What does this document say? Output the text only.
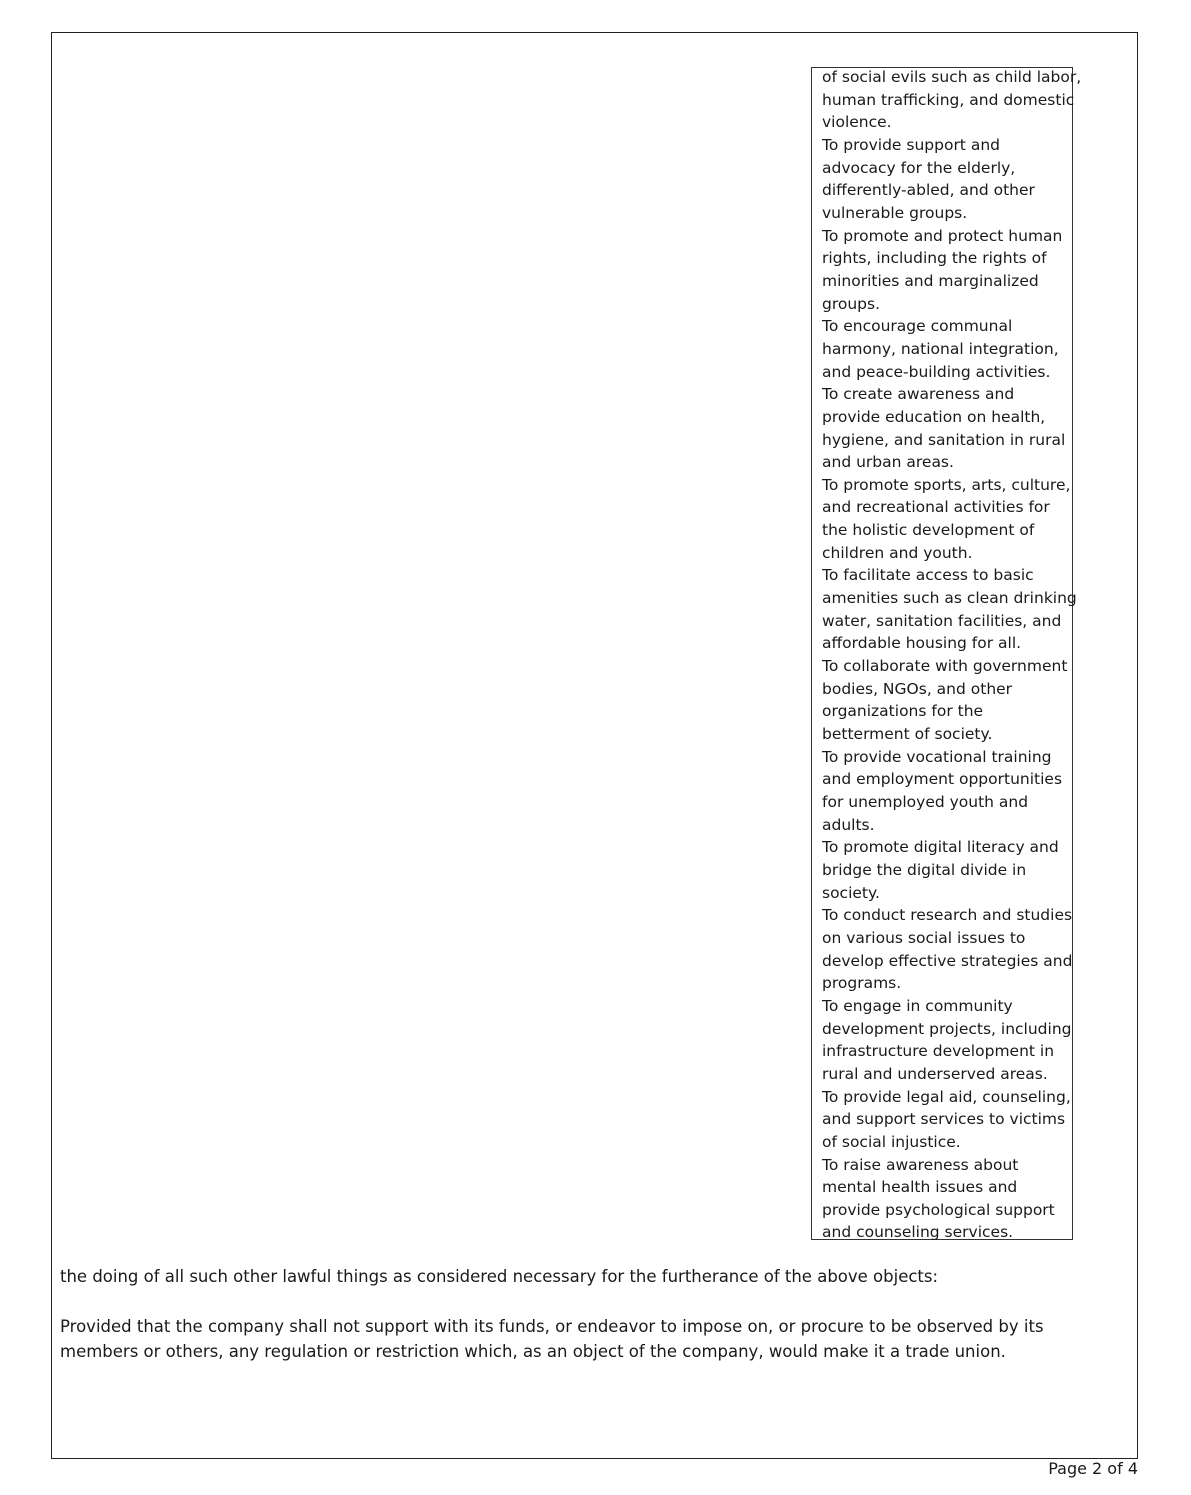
of social evils such as child labor,
human trafficking, and domestic
violence.
To provide support and
advocacy for the elderly,
differently-abled, and other
vulnerable groups.
To promote and protect human
rights, including the rights of
minorities and marginalized
groups.
To encourage communal
harmony, national integration,
and peace-building activities.
To create awareness and
provide education on health,
hygiene, and sanitation in rural
and urban areas.
To promote sports, arts, culture,
and recreational activities for
the holistic development of
children and youth.
To facilitate access to basic
amenities such as clean drinking
water, sanitation facilities, and
affordable housing for all.
To collaborate with government
bodies, NGOs, and other
organizations for the
betterment of society.
To provide vocational training
and employment opportunities
for unemployed youth and
adults.
To promote digital literacy and
bridge the digital divide in
society.
To conduct research and studies
on various social issues to
develop effective strategies and
programs.
To engage in community
development projects, including
infrastructure development in
rural and underserved areas.
To provide legal aid, counseling,
and support services to victims
of social injustice.
To raise awareness about
mental health issues and
provide psychological support
and counseling services.

the doing of all such other lawful things as considered necessary for the furtherance of the above objects:

Provided that the company shall not support with its funds, or endeavor to impose on, or procure to be observed by its members or others, any regulation or restriction which, as an object of the company, would make it a trade union.

Page 2 of 4
